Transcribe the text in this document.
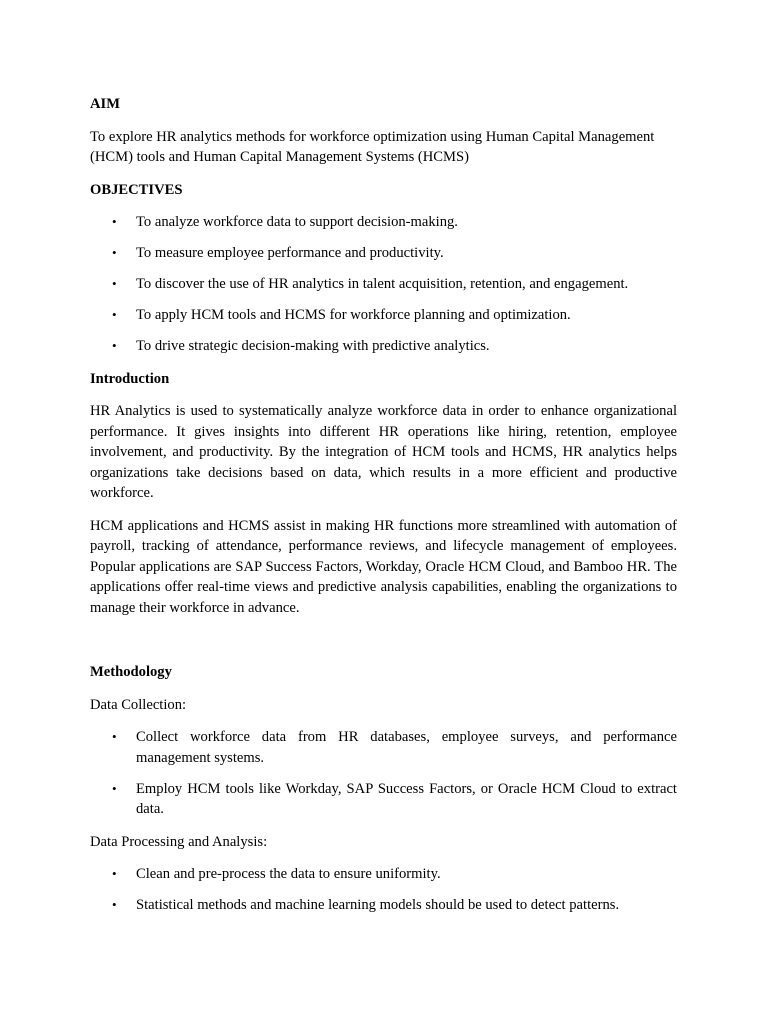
AIM
To explore HR analytics methods for workforce optimization using Human Capital Management (HCM) tools and Human Capital Management Systems (HCMS)
OBJECTIVES
• To analyze workforce data to support decision-making.
• To measure employee performance and productivity.
• To discover the use of HR analytics in talent acquisition, retention, and engagement.
• To apply HCM tools and HCMS for workforce planning and optimization.
• To drive strategic decision-making with predictive analytics.
Introduction
HR Analytics is used to systematically analyze workforce data in order to enhance organizational performance. It gives insights into different HR operations like hiring, retention, employee involvement, and productivity. By the integration of HCM tools and HCMS, HR analytics helps organizations take decisions based on data, which results in a more efficient and productive workforce.
HCM applications and HCMS assist in making HR functions more streamlined with automation of payroll, tracking of attendance, performance reviews, and lifecycle management of employees. Popular applications are SAP Success Factors, Workday, Oracle HCM Cloud, and Bamboo HR. The applications offer real-time views and predictive analysis capabilities, enabling the organizations to manage their workforce in advance.
Methodology
Data Collection:
• Collect workforce data from HR databases, employee surveys, and performance management systems.
• Employ HCM tools like Workday, SAP Success Factors, or Oracle HCM Cloud to extract data.
Data Processing and Analysis:
• Clean and pre-process the data to ensure uniformity.
• Statistical methods and machine learning models should be used to detect patterns.
